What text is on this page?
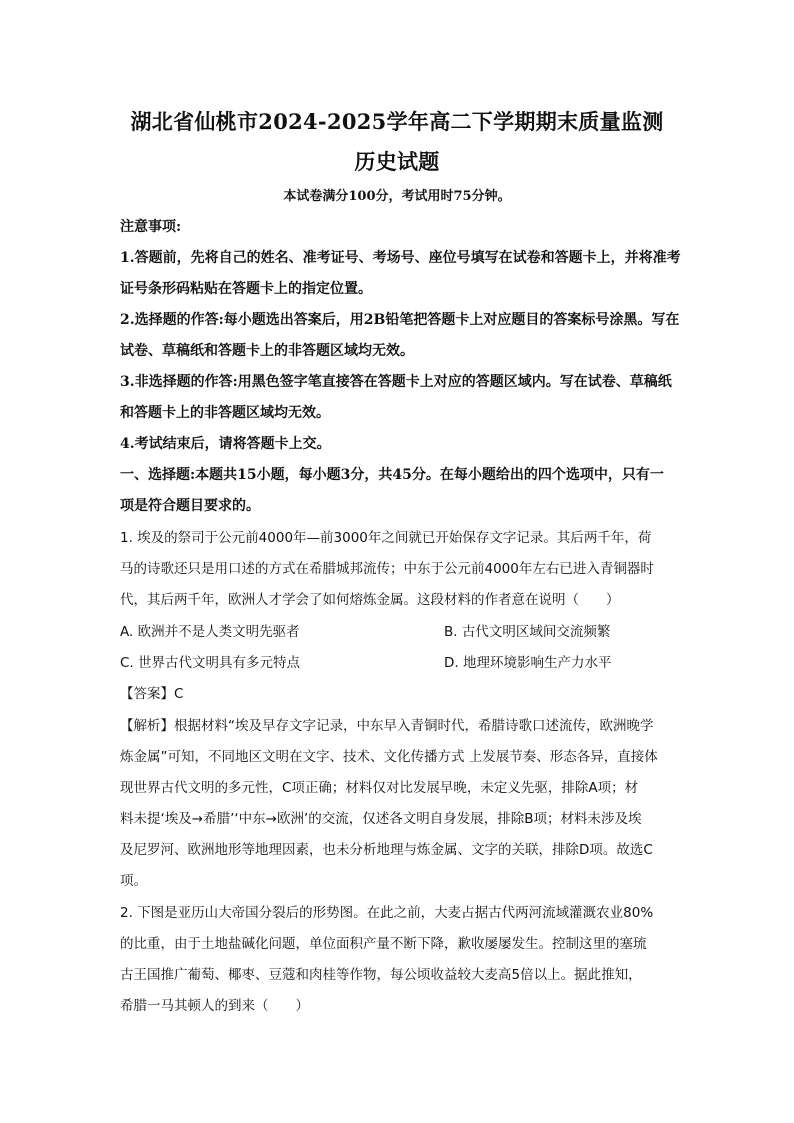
湖北省仙桃市2024-2025学年高二下学期期末质量监测
历史试题
本试卷满分100分，考试用时75分钟。
注意事项:
1.答题前，先将自己的姓名、准考证号、考场号、座位号填写在试卷和答题卡上，并将准考
证号条形码粘贴在答题卡上的指定位置。
2.选择题的作答:每小题选出答案后，用2B铅笔把答题卡上对应题目的答案标号涂黑。写在
试卷、草稿纸和答题卡上的非答题区域均无效。
3.非选择题的作答:用黑色签字笔直接答在答题卡上对应的答题区域内。写在试卷、草稿纸
和答题卡上的非答题区域均无效。
4.考试结束后，请将答题卡上交。
一、选择题:本题共15小题，每小题3分，共45分。在每小题给出的四个选项中，只有一
项是符合题目要求的。
1. 埃及的祭司于公元前4000年—前3000年之间就已开始保存文字记录。其后两千年，荷
马的诗歌还只是用口述的方式在希腊城邦流传；中东于公元前4000年左右已进入青铜器时
代，其后两千年，欧洲人才学会了如何熔炼金属。这段材料的作者意在说明（　　）
A. 欧洲并不是人类文明先驱者	B. 古代文明区域间交流频繁
C. 世界古代文明具有多元特点	D. 地理环境影响生产力水平
【答案】C
【解析】根据材料“埃及早存文字记录，中东早入青铜时代，希腊诗歌口述流传，欧洲晚学
炼金属”可知，不同地区文明在文字、技术、文化传播方式 上发展节奏、形态各异，直接体
现世界古代文明的多元性，C项正确；材料仅对比发展早晚，未定义先驱，排除A项；材
料未提‘埃及→希腊’‘中东→欧洲’的交流，仅述各文明自身发展，排除B项；材料未涉及埃
及尼罗河、欧洲地形等地理因素，也未分析地理与炼金属、文字的关联，排除D项。故选C
项。
2. 下图是亚历山大帝国分裂后的形势图。在此之前，大麦占据古代两河流域灌溉农业80%
的比重，由于土地盐碱化问题，单位面积产量不断下降，歉收屡屡发生。控制这里的塞琉
古王国推广葡萄、椰枣、豆蔻和肉桂等作物，每公顷收益较大麦高5倍以上。据此推知，
希腊一马其顿人的到来（　　）
